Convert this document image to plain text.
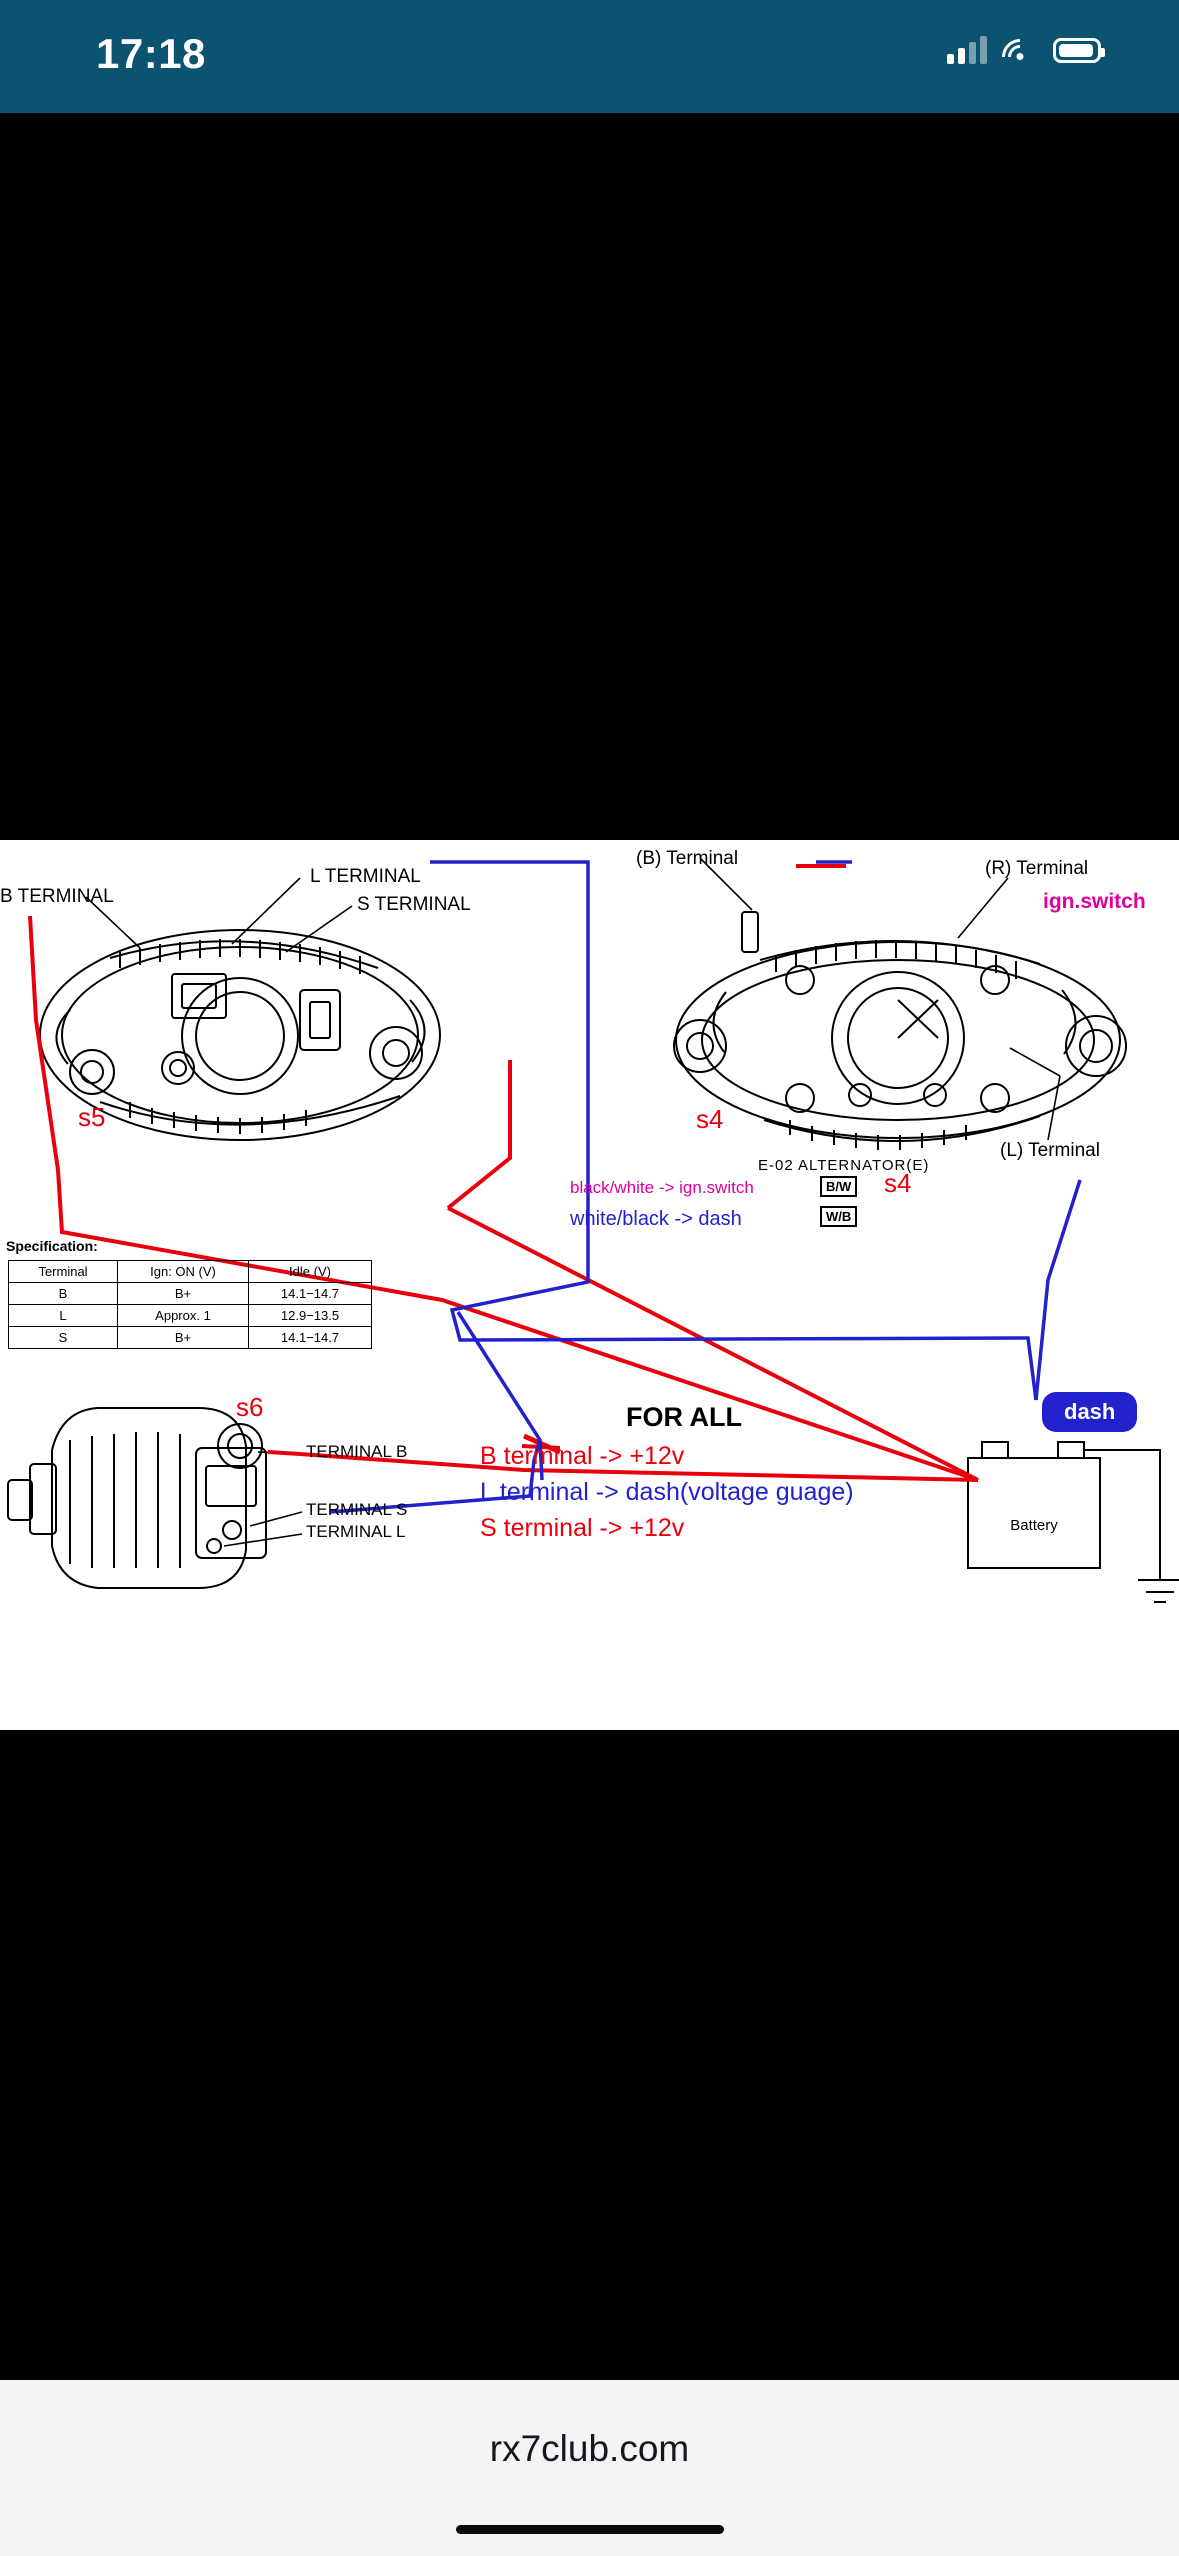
17:18
Battery
B TERMINAL
L TERMINAL
S TERMINAL
s5
(B) Terminal	(R) Terminal
ign.switch
(L) Terminal
E-02 ALTERNATOR(E)
s4
black/white -> ign.switch
white/black -> dash
B/W
W/B
s4
Specification:
Terminal	Ign: ON (V)	Idle (V)
B	B+	14.1−14.7
L	Approx. 1	12.9−13.5
S	B+	14.1−14.7
dash
s6
TERMINAL B
TERMINAL S
TERMINAL L
FOR ALL
B terminal -> +12v
L terminal -> dash(voltage guage)
S terminal -> +12v
rx7club.com
